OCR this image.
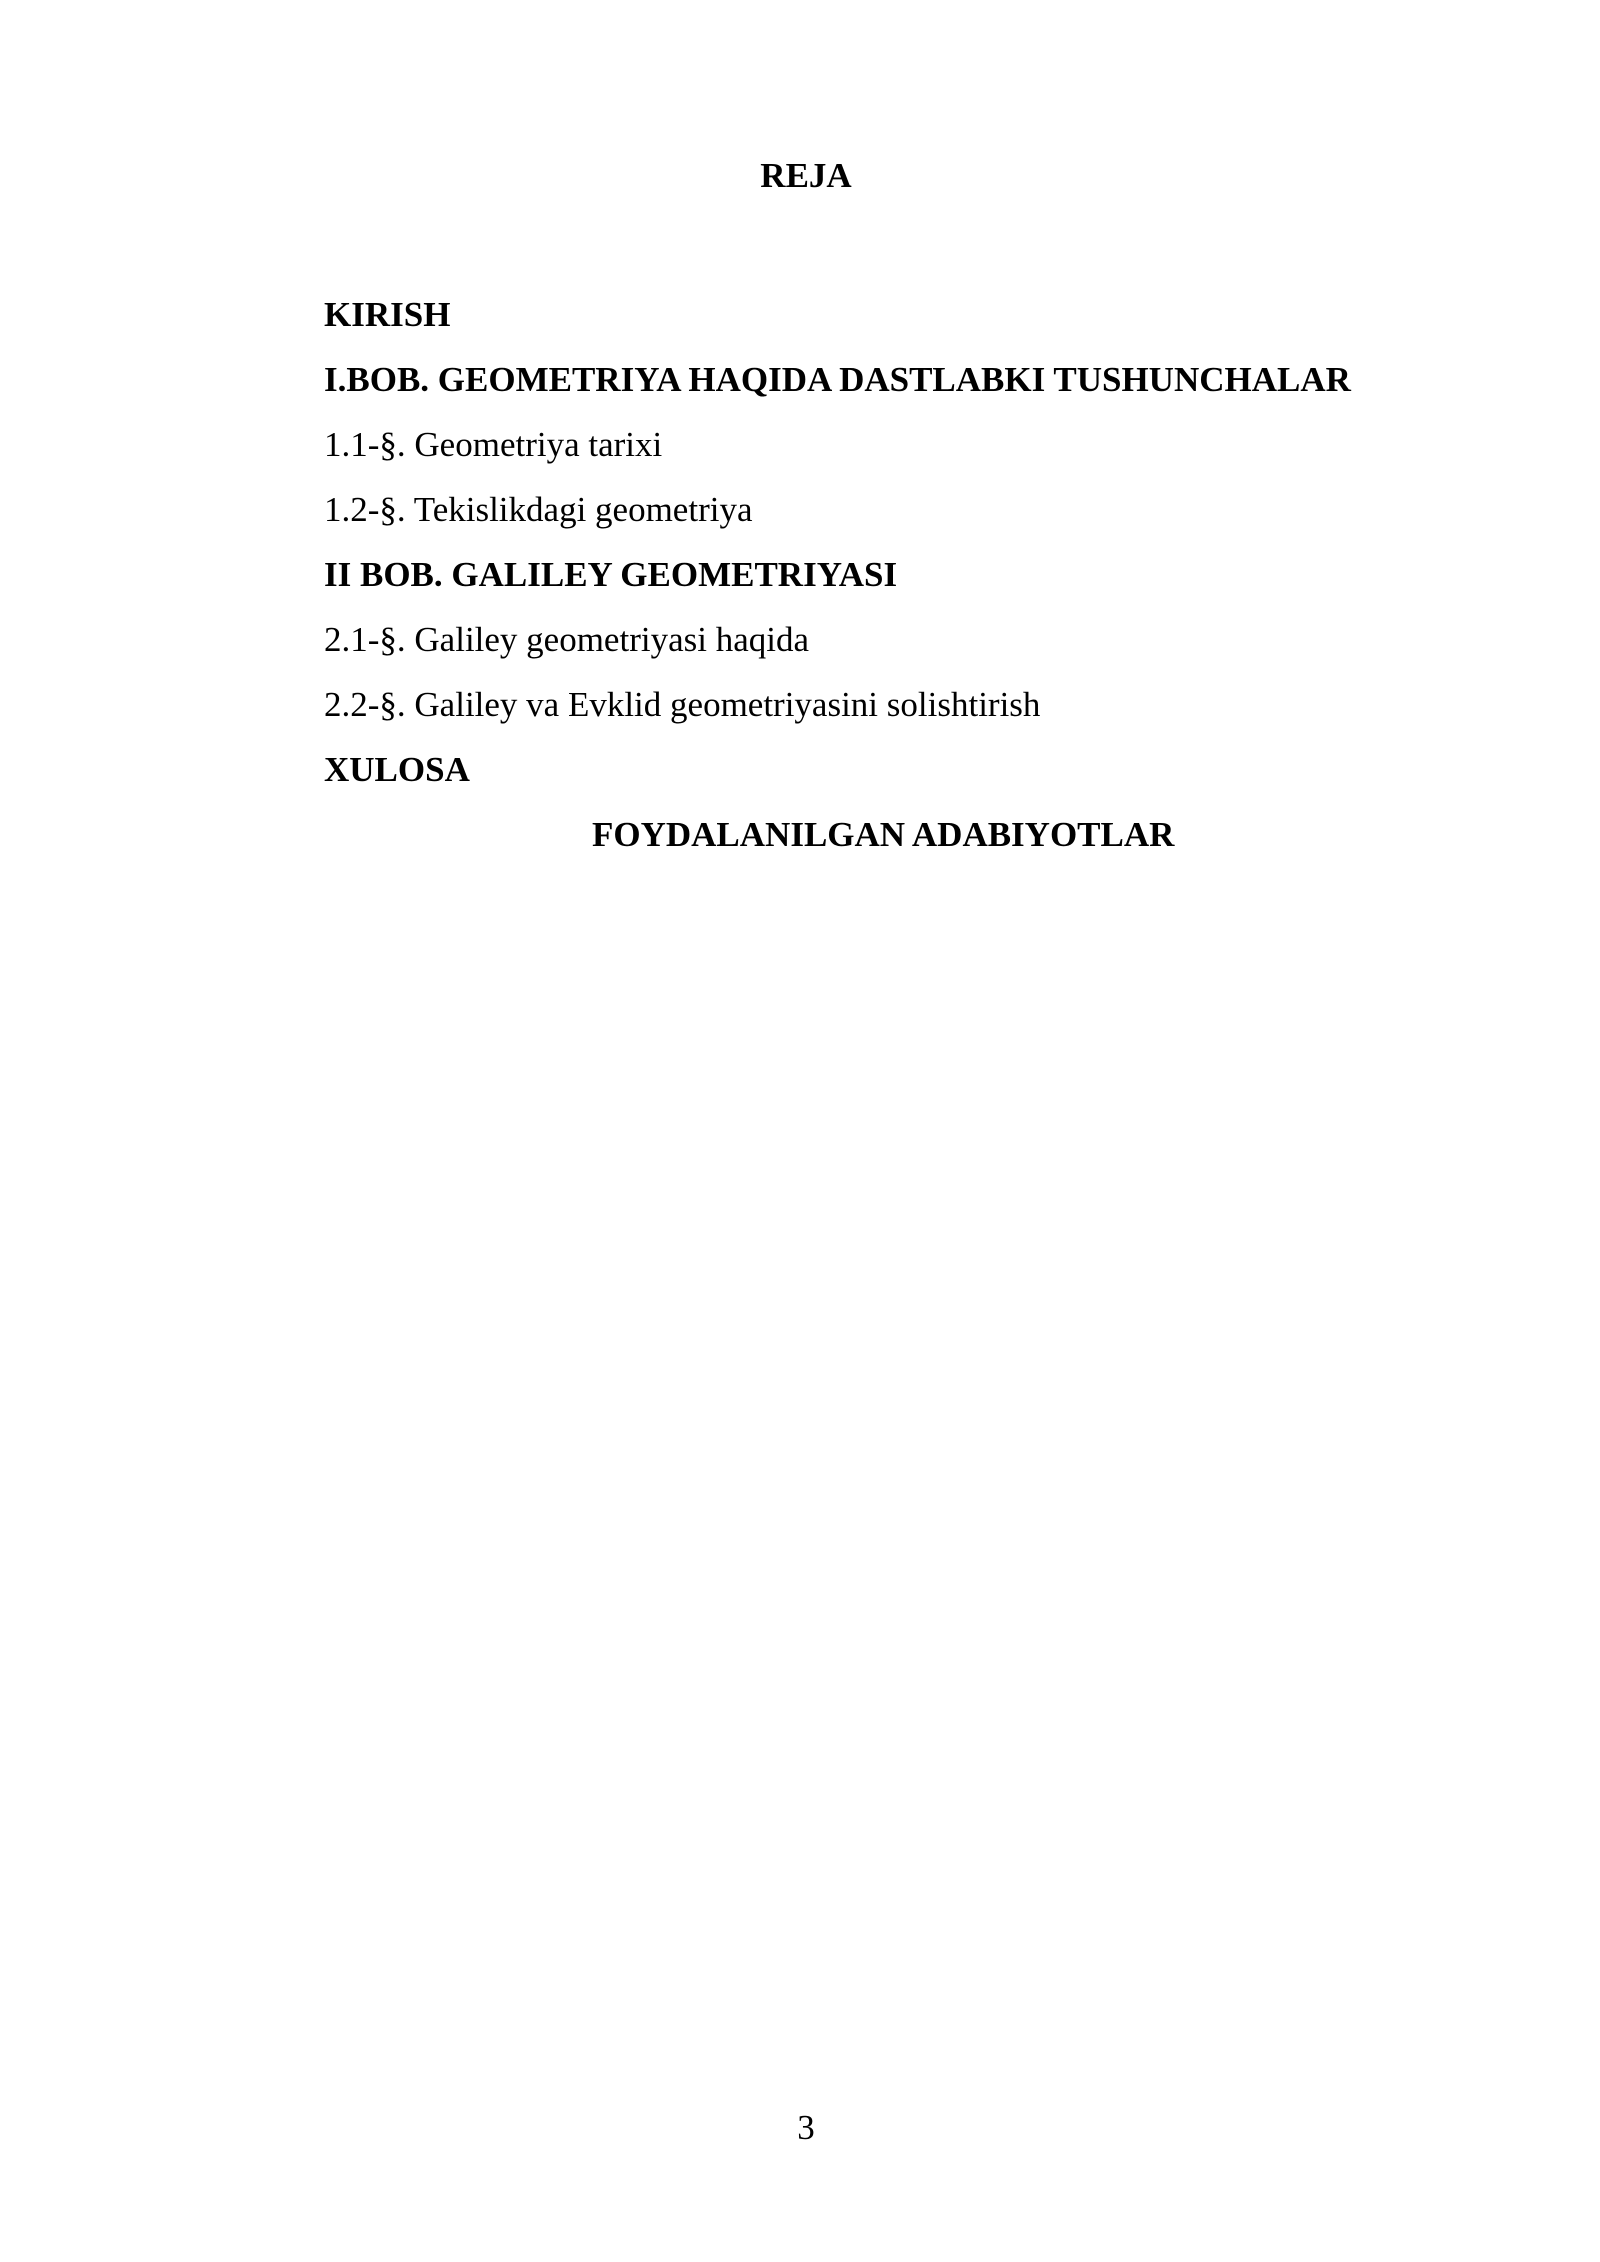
REJA
KIRISH
I.BOB. GEOMETRIYA HAQIDA DASTLABKI TUSHUNCHALAR
1.1-§. Geometriya tarixi
1.2-§. Tekislikdagi geometriya
II BOB. GALILEY GEOMETRIYASI
2.1-§. Galiley geometriyasi haqida
2.2-§. Galiley va Evklid geometriyasini solishtirish
XULOSA
FOYDALANILGAN ADABIYOTLAR
3
